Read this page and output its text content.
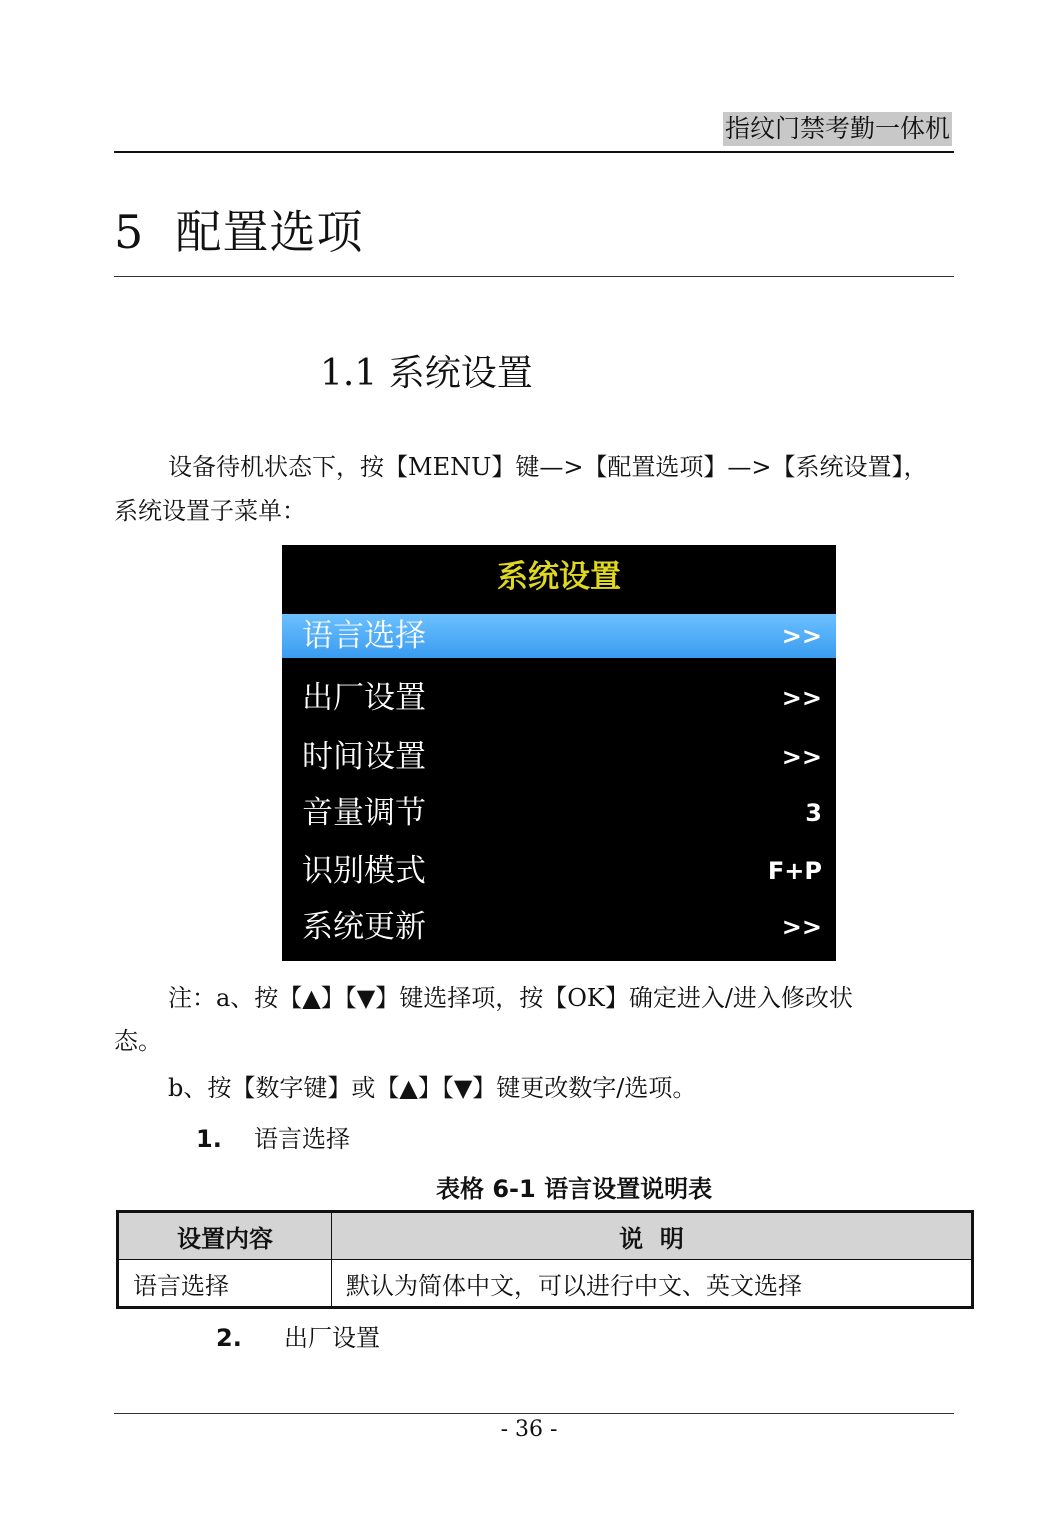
指纹门禁考勤一体机
5  配置选项
1.1 系统设置
设备待机状态下，按【MENU】键—>【配置选项】—>【系统设置】，
系统设置子菜单：
系统设置
语言选择	>>
出厂设置	>>
时间设置	>>
音量调节	3
识别模式	F+P
系统更新	>>
注：a、按【▲】【▼】键选择项，按【OK】确定进入/进入修改状
态。
b、按【数字键】或【▲】【▼】键更改数字/选项。
1. 语言选择
表格 6-1 语言设置说明表
设置内容	说  明
语言选择	默认为简体中文，可以进行中文、英文选择
2. 出厂设置
- 36 -
